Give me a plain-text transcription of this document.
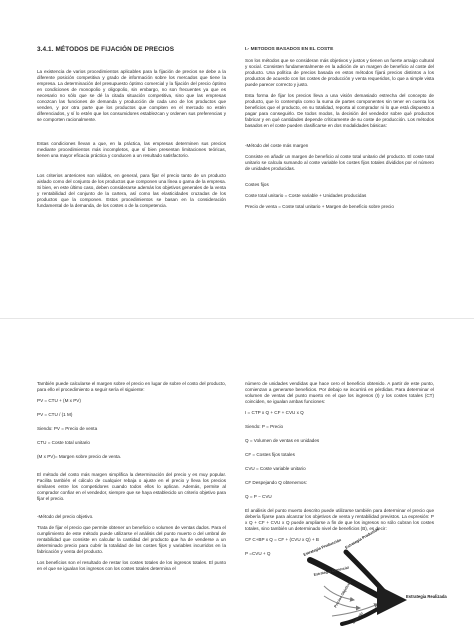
3.4.1. MÉTODOS DE FIJACIÓN DE PRECIOS

La existencia de varios procedimientos aplicables para la fijación de precios se debe a la diferente posición competitiva y grado de información sobre los mercados que tiene la empresa. La determinación del presupuesto óptimo comercial y la fijación del precio óptimo en condiciones de monopolio y oligopolio, sin embargo, no son frecuentes ya que es necesario no sólo que se dé la citada situación competitiva, sino que las empresas conozcan las funciones de demanda y producción de cada uno de los productos que venden, y por otra parte que los productos que compiten en el mercado no estén diferenciados, y sí lo estén que los consumidores establezcan y ordenen sus preferencias y se comporten racionalmente.

Estas condiciones llevan a que, en la práctica, las empresas determinen sus precios mediante procedimientos más incompletos, que sí bien presentan limitaciones teóricas, tienen una mayor eficacia práctica y conducen a un resultado satisfactorio.

Los criterios anteriores son válidos, en general, para fijar el precio tanto de un producto aislado como del conjunto de los productos que componen una línea o gama de la empresa. Si bien, en este último caso, deben considerarse además los objetivos generales de la venta y rentabilidad del conjunto de la cartera, así como las elasticidades cruzadas de los productos que la componen. Estos procedimientos se basan en la consideración fundamental de la demanda, de los costes o de la competencia.

I.- METODOS BASADOS EN EL COSTE

Son los métodos que se consideran más objetivos y justos y tienen un fuerte arraigo cultural y social. Consisten fundamentalmente en la adición de un margen de beneficio al coste del producto. Una política de precios basada en estos métodos fijará precios distintos a los productos de acuerdo con los costes de producción y venta requeridos, lo que a simple vista puede parecer correcto y justo.

Esta forma de fijar los precios lleva a una visión demasiado estrecha del concepto de producto, que lo contempla como la suma de partes componentes sin tener en cuenta los beneficios que el producto, en su totalidad, reporta al comprador ni lo que está dispuesto a pagar para conseguirlo. De todos modos, la decisión del vendedor sobre qué productos fabricar y en qué cantidades depende críticamente de su coste de producción. Los métodos basados en el coste pueden clasificarse en dos modalidades básicas:

-Método del coste más margen

Consiste en añadir un margen de beneficio al coste total unitario del producto. El coste total unitario se calcula sumando al coste variable los costes fijos totales divididos por el número de unidades producidas.

Costes fijos

Coste total unitario = Coste variable + Unidades producidas

Precio de venta = Coste total unitario + Margen de beneficio sobre precio

También puede calcularse el margen sobre el precio en lugar de sobre el costo del producto, para ello el procedimiento a seguir sería el siguiente:

PV = CTU + (M x PV)

PV = CTU / (1 M)

Siendo: PV = Precio de venta

CTU = Coste total unitario

(M x PV)= Margen sobre precio de venta.

El método del costo más margen simplifica la determinación del precio y es muy popular. Facilita también el cálculo de cualquier rebaja o ajuste en el precio y lleva los precios similares entre los competidores cuando todos ellos lo aplican. Además, permite al comprador confiar en el vendedor, siempre que se haya establecido un criterio objetivo para fijar el precio.

-Método del precio objetivo.

Trata de fijar el precio que permite obtener un beneficio o volumen de ventas dados. Para el cumplimiento de este método puede utilizarse el análisis del punto muerto o del umbral de rentabilidad que consiste en calcular la cantidad del producto que ha de venderse a un determinado precio para cubrir la totalidad de los costes fijos y variables incurridos en la fabricación y venta del producto.

Los beneficios son el resultado de restar los costes totales de los ingresos totales. El punto en el que se igualan los ingresos con los costes totales determina el

número de unidades vendidas que hace cero el beneficio obtenido. A partir de este punto, comienzan a generarse beneficios. Por debajo se incurrirá en pérdidas. Para determinar el volumen de ventas del punto muerto en el que los ingresos (I) y los costes totales (CT) coinciden, se igualan ambas funciones:

I = CTP x Q + CF + CVU x Q

Siendo: P = Precio

Q = Volumen de ventas en unidades

CF = Costes fijos totales

CVU = Coste variable unitario

CF Despejando Q obtenemos:

Q = P − CVU

El análisis del punto muerto descrito puede utilizarse también para determinar el precio que debería fijarse para alcanzar los objetivos de venta y rentabilidad previstos. La expresión: P x Q + CF + CVU x Q puede ampliarse a fin de que los ingresos no sólo cubran los costes totales, sino también un determinado nivel de beneficios (B), es decir:

CF C+BP x Q = CF + (CVU x Q) + B

P =CVU + Q	Estrategia Producción Estrategia Productos
Estrategia Comercial
Precios Objetivos
Mercado
Estrategia Realizada
